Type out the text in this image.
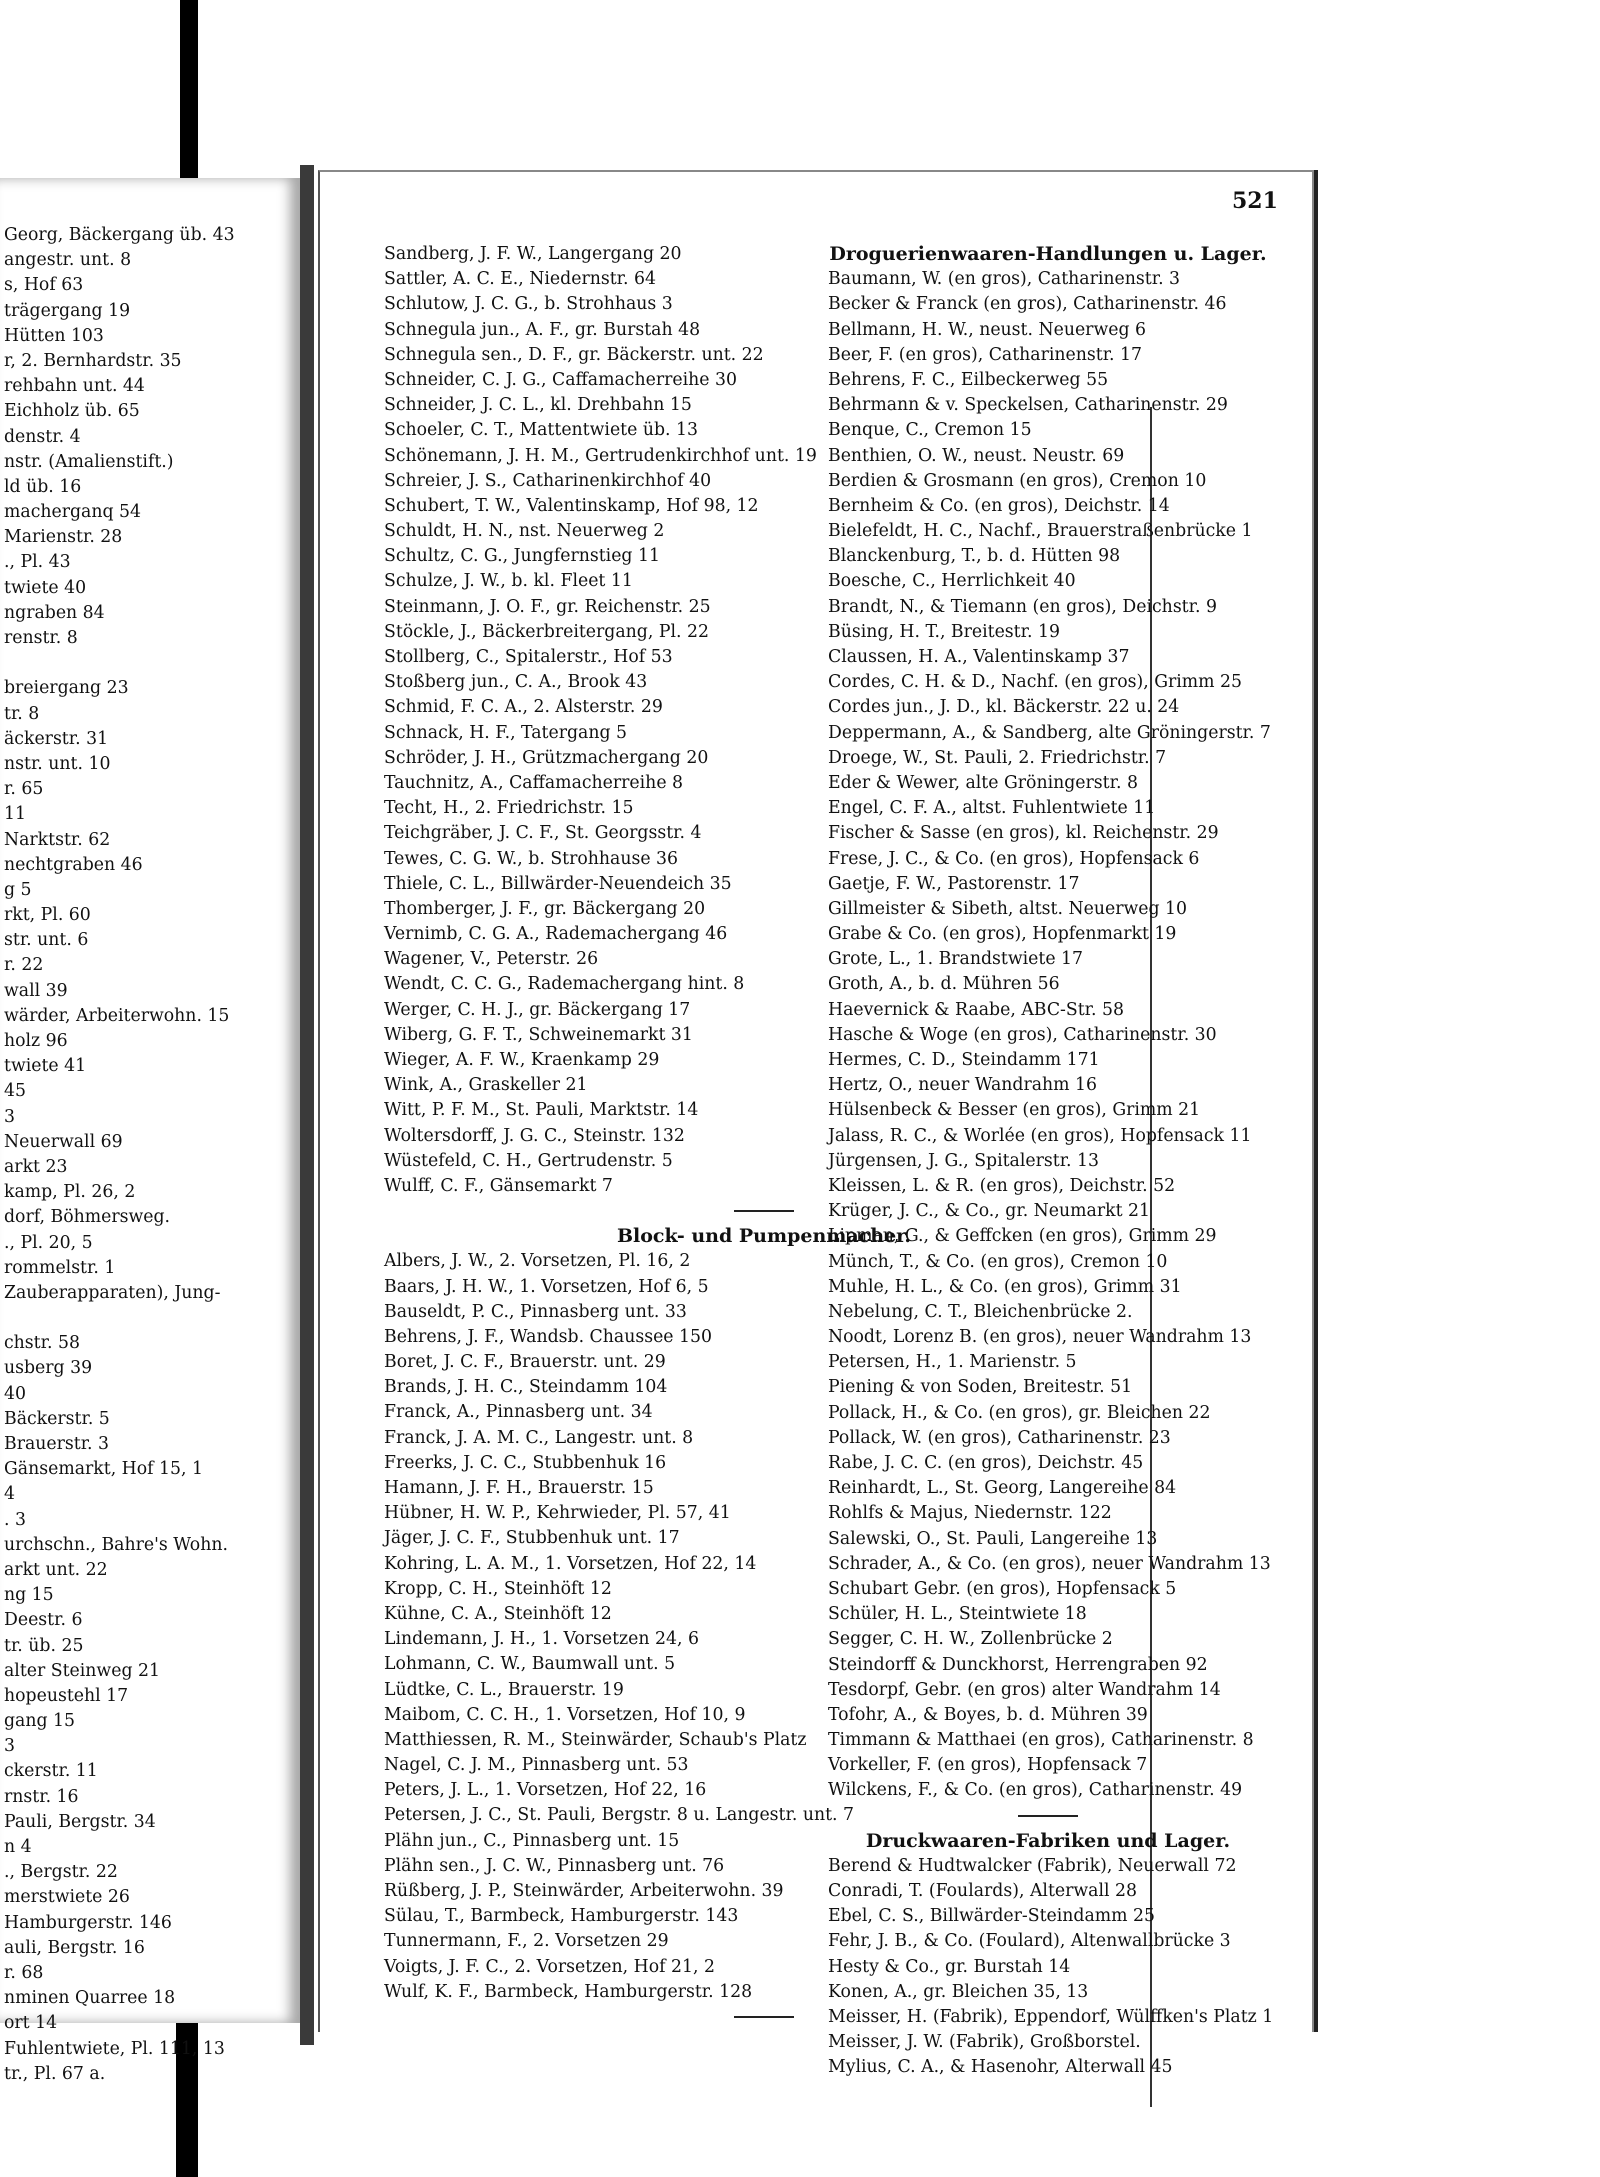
Georg, Bäckergang üb. 43
angestr. unt. 8
s, Hof 63
trägergang 19
Hütten 103
r, 2. Bernhardstr. 35
rehbahn unt. 44
Eichholz üb. 65
denstr. 4
nstr. (Amalienstift.)
ld üb. 16
macherganq 54
Marienstr. 28
., Pl. 43
twiete 40
ngraben 84
renstr. 8
breiergang 23
tr. 8
äckerstr. 31
nstr. unt. 10
r. 65
11
Narktstr. 62
nechtgraben 46
g 5
rkt, Pl. 60
str. unt. 6
r. 22
wall 39
wärder, Arbeiterwohn. 15
holz 96
twiete 41
45
3
Neuerwall 69
arkt 23
kamp, Pl. 26, 2
dorf, Böhmersweg.
., Pl. 20, 5
rommelstr. 1
Zauberapparaten), Jung-
chstr. 58
usberg 39
40
Bäckerstr. 5
Brauerstr. 3
Gänsemarkt, Hof 15, 1
4
. 3
urchschn., Bahre's Wohn.
arkt unt. 22
ng 15
Deestr. 6
tr. üb. 25
alter Steinweg 21
hopeustehl 17
gang 15
3
ckerstr. 11
rnstr. 16
Pauli, Bergstr. 34
n 4
., Bergstr. 22
merstwiete 26
Hamburgerstr. 146
auli, Bergstr. 16
r. 68
nminen Quarree 18
ort 14
Fuhlentwiete, Pl. 111, 13
tr., Pl. 67 a.
Sandberg, J. F. W., Langergang 20
Sattler, A. C. E., Niedernstr. 64
Schlutow, J. C. G., b. Strohhaus 3
Schnegula jun., A. F., gr. Burstah 48
Schnegula sen., D. F., gr. Bäckerstr. unt. 22
Schneider, C. J. G., Caffamacherreihe 30
Schneider, J. C. L., kl. Drehbahn 15
Schoeler, C. T., Mattentwiete üb. 13
Schönemann, J. H. M., Gertrudenkirchhof unt. 19
Schreier, J. S., Catharinenkirchhof 40
Schubert, T. W., Valentinskamp, Hof 98, 12
Schuldt, H. N., nst. Neuerweg 2
Schultz, C. G., Jungfernstieg 11
Schulze, J. W., b. kl. Fleet 11
Steinmann, J. O. F., gr. Reichenstr. 25
Stöckle, J., Bäckerbreitergang, Pl. 22
Stollberg, C., Spitalerstr., Hof 53
Stoßberg jun., C. A., Brook 43
Schmid, F. C. A., 2. Alsterstr. 29
Schnack, H. F., Tatergang 5
Schröder, J. H., Grützmachergang 20
Tauchnitz, A., Caffamacherreihe 8
Techt, H., 2. Friedrichstr. 15
Teichgräber, J. C. F., St. Georgsstr. 4
Tewes, C. G. W., b. Strohhause 36
Thiele, C. L., Billwärder-Neuendeich 35
Thomberger, J. F., gr. Bäckergang 20
Vernimb, C. G. A., Rademachergang 46
Wagener, V., Peterstr. 26
Wendt, C. C. G., Rademachergang hint. 8
Werger, C. H. J., gr. Bäckergang 17
Wiberg, G. F. T., Schweinemarkt 31
Wieger, A. F. W., Kraenkamp 29
Wink, A., Graskeller 21
Witt, P. F. M., St. Pauli, Marktstr. 14
Woltersdorff, J. G. C., Steinstr. 132
Wüstefeld, C. H., Gertrudenstr. 5
Wulff, C. F., Gänsemarkt 7
Block- und Pumpenmacher.
Albers, J. W., 2. Vorsetzen, Pl. 16, 2
Baars, J. H. W., 1. Vorsetzen, Hof 6, 5
Bauseldt, P. C., Pinnasberg unt. 33
Behrens, J. F., Wandsb. Chaussee 150
Boret, J. C. F., Brauerstr. unt. 29
Brands, J. H. C., Steindamm 104
Franck, A., Pinnasberg unt. 34
Franck, J. A. M. C., Langestr. unt. 8
Freerks, J. C. C., Stubbenhuk 16
Hamann, J. F. H., Brauerstr. 15
Hübner, H. W. P., Kehrwieder, Pl. 57, 41
Jäger, J. C. F., Stubbenhuk unt. 17
Kohring, L. A. M., 1. Vorsetzen, Hof 22, 14
Kropp, C. H., Steinhöft 12
Kühne, C. A., Steinhöft 12
Lindemann, J. H., 1. Vorsetzen 24, 6
Lohmann, C. W., Baumwall unt. 5
Lüdtke, C. L., Brauerstr. 19
Maibom, C. C. H., 1. Vorsetzen, Hof 10, 9
Matthiessen, R. M., Steinwärder, Schaub's Platz
Nagel, C. J. M., Pinnasberg unt. 53
Peters, J. L., 1. Vorsetzen, Hof 22, 16
Petersen, J. C., St. Pauli, Bergstr. 8 u. Langestr. unt. 7
Plähn jun., C., Pinnasberg unt. 15
Plähn sen., J. C. W., Pinnasberg unt. 76
Rüßberg, J. P., Steinwärder, Arbeiterwohn. 39
Sülau, T., Barmbeck, Hamburgerstr. 143
Tunnermann, F., 2. Vorsetzen 29
Voigts, J. F. C., 2. Vorsetzen, Hof 21, 2
Wulf, K. F., Barmbeck, Hamburgerstr. 128
Droguerienwaaren-Handlungen u. Lager.
Baumann, W. (en gros), Catharinenstr. 3
Becker & Franck (en gros), Catharinenstr. 46
Bellmann, H. W., neust. Neuerweg 6
Beer, F. (en gros), Catharinenstr. 17
Behrens, F. C., Eilbeckerweg 55
Behrmann & v. Speckelsen, Catharinenstr. 29
Benque, C., Cremon 15
Benthien, O. W., neust. Neustr. 69
Berdien & Grosmann (en gros), Cremon 10
Bernheim & Co. (en gros), Deichstr. 14
Bielefeldt, H. C., Nachf., Brauerstraßenbrücke 1
Blanckenburg, T., b. d. Hütten 98
Boesche, C., Herrlichkeit 40
Brandt, N., & Tiemann (en gros), Deichstr. 9
Büsing, H. T., Breitestr. 19
Claussen, H. A., Valentinskamp 37
Cordes, C. H. & D., Nachf. (en gros), Grimm 25
Cordes jun., J. D., kl. Bäckerstr. 22 u. 24
Deppermann, A., & Sandberg, alte Gröningerstr. 7
Droege, W., St. Pauli, 2. Friedrichstr. 7
Eder & Wewer, alte Gröningerstr. 8
Engel, C. F. A., altst. Fuhlentwiete 11
Fischer & Sasse (en gros), kl. Reichenstr. 29
Frese, J. C., & Co. (en gros), Hopfensack 6
Gaetje, F. W., Pastorenstr. 17
Gillmeister & Sibeth, altst. Neuerweg 10
Grabe & Co. (en gros), Hopfenmarkt 19
Grote, L., 1. Brandstwiete 17
Groth, A., b. d. Mühren 56
Haevernick & Raabe, ABC-Str. 58
Hasche & Woge (en gros), Catharinenstr. 30
Hermes, C. D., Steindamm 171
Hertz, O., neuer Wandrahm 16
Hülsenbeck & Besser (en gros), Grimm 21
Jalass, R. C., & Worlée (en gros), Hopfensack 11
Jürgensen, J. G., Spitalerstr. 13
Kleissen, L. & R. (en gros), Deichstr. 52
Krüger, J. C., & Co., gr. Neumarkt 21
Lipman, G., & Geffcken (en gros), Grimm 29
Münch, T., & Co. (en gros), Cremon 10
Muhle, H. L., & Co. (en gros), Grimm 31
Nebelung, C. T., Bleichenbrücke 2.
Noodt, Lorenz B. (en gros), neuer Wandrahm 13
Petersen, H., 1. Marienstr. 5
Piening & von Soden, Breitestr. 51
Pollack, H., & Co. (en gros), gr. Bleichen 22
Pollack, W. (en gros), Catharinenstr. 23
Rabe, J. C. C. (en gros), Deichstr. 45
Reinhardt, L., St. Georg, Langereihe 84
Rohlfs & Majus, Niedernstr. 122
Salewski, O., St. Pauli, Langereihe 13
Schrader, A., & Co. (en gros), neuer Wandrahm 13
Schubart Gebr. (en gros), Hopfensack 5
Schüler, H. L., Steintwiete 18
Segger, C. H. W., Zollenbrücke 2
Steindorff & Dunckhorst, Herrengraben 92
Tesdorpf, Gebr. (en gros) alter Wandrahm 14
Tofohr, A., & Boyes, b. d. Mühren 39
Timmann & Matthaei (en gros), Catharinenstr. 8
Vorkeller, F. (en gros), Hopfensack 7
Wilckens, F., & Co. (en gros), Catharinenstr. 49
Druckwaaren-Fabriken und Lager.
Berend & Hudtwalcker (Fabrik), Neuerwall 72
Conradi, T. (Foulards), Alterwall 28
Ebel, C. S., Billwärder-Steindamm 25
Fehr, J. B., & Co. (Foulard), Altenwallbrücke 3
Hesty & Co., gr. Burstah 14
Konen, A., gr. Bleichen 35, 13
Meisser, H. (Fabrik), Eppendorf, Wülffken's Platz 1
Meisser, J. W. (Fabrik), Großborstel.
Mylius, C. A., & Hasenohr, Alterwall 45
521
